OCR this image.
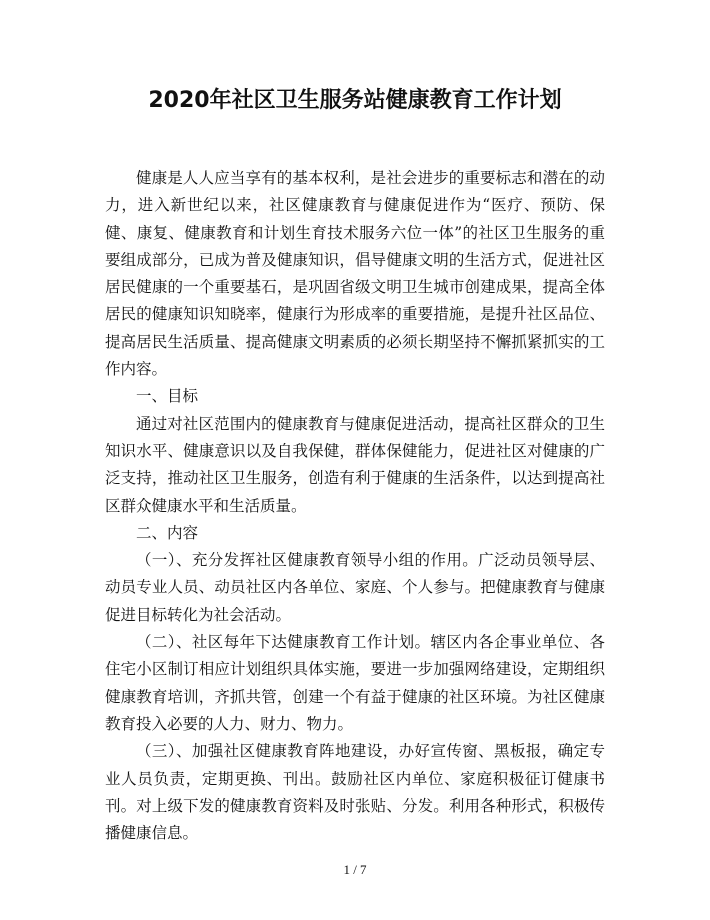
2020年社区卫生服务站健康教育工作计划

健康是人人应当享有的基本权利，是社会进步的重要标志和潜在的动力，进入新世纪以来，社区健康教育与健康促进作为“医疗、预防、保健、康复、健康教育和计划生育技术服务六位一体”的社区卫生服务的重要组成部分，已成为普及健康知识，倡导健康文明的生活方式，促进社区居民健康的一个重要基石，是巩固省级文明卫生城市创建成果，提高全体居民的健康知识知晓率，健康行为形成率的重要措施，是提升社区品位、提高居民生活质量、提高健康文明素质的必须长期坚持不懈抓紧抓实的工作内容。

一、目标

通过对社区范围内的健康教育与健康促进活动，提高社区群众的卫生知识水平、健康意识以及自我保健，群体保健能力，促进社区对健康的广泛支持，推动社区卫生服务，创造有利于健康的生活条件，以达到提高社区群众健康水平和生活质量。

二、内容

（一）、充分发挥社区健康教育领导小组的作用。广泛动员领导层、动员专业人员、动员社区内各单位、家庭、个人参与。把健康教育与健康促进目标转化为社会活动。

（二）、社区每年下达健康教育工作计划。辖区内各企事业单位、各住宅小区制订相应计划组织具体实施，要进一步加强网络建设，定期组织健康教育培训，齐抓共管，创建一个有益于健康的社区环境。为社区健康教育投入必要的人力、财力、物力。

（三）、加强社区健康教育阵地建设，办好宣传窗、黑板报，确定专业人员负责，定期更换、刊出。鼓励社区内单位、家庭积极征订健康书刊。对上级下发的健康教育资料及时张贴、分发。利用各种形式，积极传播健康信息。

1 / 7
